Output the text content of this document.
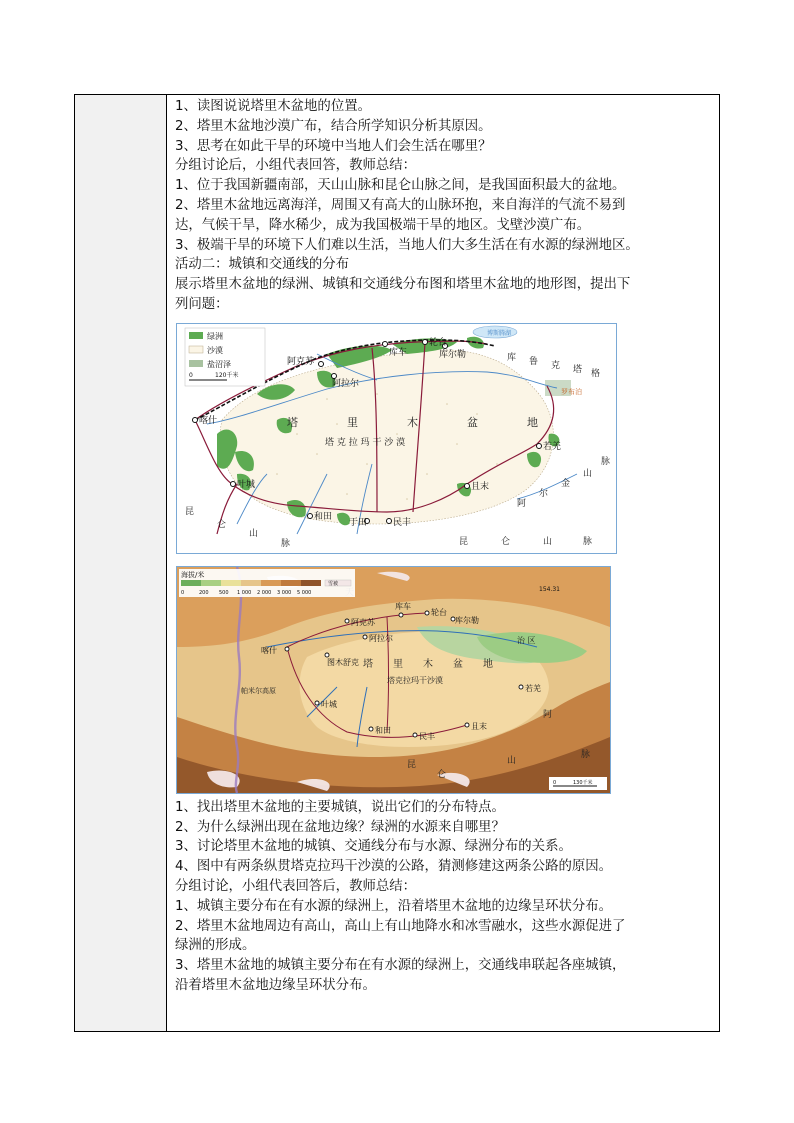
1、读图说说塔里木盆地的位置。
2、塔里木盆地沙漠广布，结合所学知识分析其原因。
3、思考在如此干旱的环境中当地人们会生活在哪里？
分组讨论后，小组代表回答，教师总结：
1、位于我国新疆南部，天山山脉和昆仑山脉之间，是我国面积最大的盆地。
2、塔里木盆地远离海洋，周围又有高大的山脉环抱，来自海洋的气流不易到
达，气候干旱，降水稀少，成为我国极端干旱的地区。戈壁沙漠广布。
3、极端干旱的环境下人们难以生活，当地人们大多生活在有水源的绿洲地区。
活动二：城镇和交通线的分布
展示塔里木盆地的绿洲、城镇和交通线分布图和塔里木盆地的地形图，提出下
列问题：
喀什
叶城
和田
于田	民丰
且末
若羌
库车
轮台
库尔勒
阿克苏
阿拉尔
塔	里	木	盆	地
塔 克 拉 玛 干 沙 漠
昆
仑
山
脉	昆	仑	山	脉
阿
尔
金
山
脉
库 鲁 克 塔 格
罗布泊
博斯腾湖
绿洲
沙漠
盐沼泽
0	120千米
喀什
阿克苏
阿拉尔
图木舒克
库车
轮台
库尔勒
叶城
和田
民丰
且末
若羌
塔 里 木 盆 地
塔克拉玛干沙漠
昆
仑
山
脉
阿
治 区
帕米尔高原
海拔/米
雪被
0	200 500 1 000 2 000 3 000 5 000	154.31
0	130千米
1、找出塔里木盆地的主要城镇，说出它们的分布特点。
2、为什么绿洲出现在盆地边缘？绿洲的水源来自哪里？
3、讨论塔里木盆地的城镇、交通线分布与水源、绿洲分布的关系。
4、图中有两条纵贯塔克拉玛干沙漠的公路，猜测修建这两条公路的原因。
分组讨论，小组代表回答后，教师总结：
1、城镇主要分布在有水源的绿洲上，沿着塔里木盆地的边缘呈环状分布。
2、塔里木盆地周边有高山，高山上有山地降水和冰雪融水，这些水源促进了
绿洲的形成。
3、塔里木盆地的城镇主要分布在有水源的绿洲上，交通线串联起各座城镇，
沿着塔里木盆地边缘呈环状分布。
